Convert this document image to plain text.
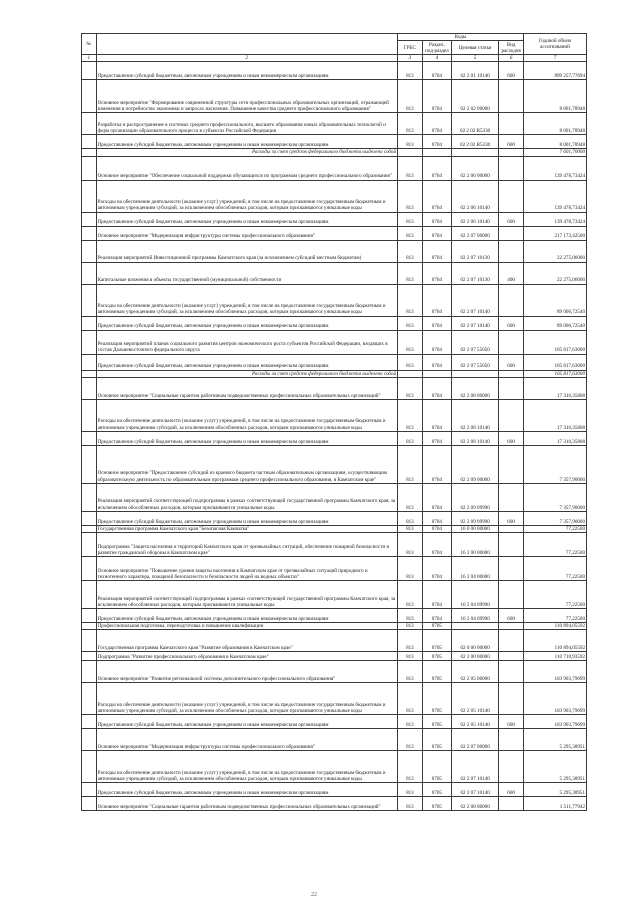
№		Коды				Годовой объем ассигнований
		ГРБС	Раздел, под-раздел	Целевая статья	Вид расходов	
1	2	3	4	5	6	7
	Предоставление субсидий бюджетным, автономным учреждениям и иным некоммерческим организациям	813	0704	02 2 01 10140	600	899 257,77694
	Основное мероприятие "Формирование современной структуры сети профессиональных образовательных организаций, отражающей изменения в потребностях экономики и запросах населения. Повышение качества среднего профессионального образования"	813	0704	02 2 02 00000		8 001,78948
	Разработка и распространение в системах среднего профессионального, высшего образования новых образовательных технологий и форм организации образовательного процесса в субъектах Российской Федерации	813	0704	02 2 02 R5330		8 001,78948
	Предоставление субсидий бюджетным, автономным учреждениям и иным некоммерческим организациям	813	0704	02 2 02 R5330	600	8 001,78948
	Расходы за счет средств федерального бюджета выделено собой					7 601,70000
	Основное мероприятие "Обеспечение социальной поддержки обучающихся по программам среднего профессионального образования"	813	0704	02 2 06 00000		139 478,73424
	Расходы на обеспечение деятельности (оказание услуг) учреждений, в том числе на предоставление государственным бюджетным и автономным учреждениям субсидий, за исключением обособленных расходов, которым присваиваются уникальные коды	813	0704	02 2 06 10140		139 478,73424
	Предоставление субсидий бюджетным, автономным учреждениям и иным некоммерческим организациям	813	0704	02 2 06 10140	600	139 478,73424
	Основное мероприятие "Модернизация инфраструктуры системы профессионального образования"	813	0704	02 2 07 00000		217 173,42500
	Реализация мероприятий Инвестиционной программы Камчатского края (за исключением субсидий местным бюджетам)	813	0704	02 2 07 10130		22 275,06000
	Капитальные вложения в объекты государственной (муниципальной) собственности	813	0704	02 2 07 10130	400	22 275,06000
	Расходы на обеспечение деятельности (оказание услуг) учреждений, в том числе на предоставление государственным бюджетным и автономным учреждениям субсидий, за исключением обособленных расходов, которым присваиваются уникальные коды	813	0704	02 2 07 10140		89 006,72540
	Предоставление субсидий бюджетным, автономным учреждениям и иным некоммерческим организациям	813	0704	02 2 07 10140	600	89 006,72540
	Реализация мероприятий планов социального развития центров экономического роста субъектов Российской Федерации, входящих в состав Дальневосточного федерального округа	813	0704	02 2 07 55050		105 817,63000
	Предоставление субсидий бюджетным, автономным учреждениям и иным некоммерческим организациям	813	0704	02 2 07 55050	600	105 817,63000
	Расходы за счет средств федерального бюджета выделено собой					105 817,63000
	Основное мероприятие "Социальные гарантии работникам подведомственных профессиональных образовательных организаций"	813	0704	02 2 08 00000		17 310,35808
	Расходы на обеспечение деятельности (оказание услуг) учреждений, в том числе на предоставление государственным бюджетным и автономным учреждениям субсидий, за исключением обособленных расходов, которым присваиваются уникальные коды	813	0704	02 2 08 10140		17 310,35808
	Предоставление субсидий бюджетным, автономным учреждениям и иным некоммерческим организациям	813	0704	02 2 08 10140	600	17 310,35808
	Основное мероприятие "Предоставление субсидий из краевого бюджета частным образовательным организациям, осуществляющим образовательную деятельность по образовательным программам среднего профессионального образования, в Камчатском крае"	813	0704	02 2 09 00000		7 357,90000
	Реализация мероприятий соответствующей подпрограммы в рамках соответствующей государственной программы Камчатского края, за исключением обособленных расходов, которым присваиваются уникальные коды	813	0704	02 2 09 09990		7 357,90000
	Предоставление субсидий бюджетным, автономным учреждениям и иным некоммерческим организациям	813	0704	02 2 09 09990	600	7 357,90000
	Государственная программа Камчатского края "Безопасная Камчатка"	813	0704	16 0 00 00000		77,22500
	Подпрограмма "Защита населения и территорий Камчатского края от чрезвычайных ситуаций, обеспечение пожарной безопасности и развитие гражданской обороны в Камчатском крае"	813	0704	16 2 00 00000		77,22500
	Основное мероприятие "Повышение уровня защиты населения в Камчатском крае от чрезвычайных ситуаций природного и техногенного характера, пожарной безопасности и безопасности людей на водных объектах"	813	0704	16 2 04 00000		77,22500
	Реализация мероприятий соответствующей подпрограммы в рамках соответствующей государственной программы Камчатского края, за исключением обособленных расходов, которым присваиваются уникальные коды	813	0704	16 2 04 09990		77,22500
	Предоставление субсидий бюджетным, автономным учреждениям и иным некоммерческим организациям	813	0704	16 2 04 09990	600	77,22500
	Профессиональная подготовка, переподготовка и повышение квалификации	813	0705			110 894,05592
	Государственная программа Камчатского края "Развитие образования в Камчатском крае"	813	0705	02 0 00 00000		110 894,05592
	Подпрограмма "Развитие профессионального образования в Камчатском крае"	813	0705	02 2 00 00000		110 710,93592
	Основное мероприятие "Развитие региональной системы дополнительного профессионального образования"	813	0705	02 2 05 00000		103 903,79699
	Расходы на обеспечение деятельности (оказание услуг) учреждений, в том числе на предоставление государственным бюджетным и автономным учреждениям субсидий, за исключением обособленных расходов, которым присваиваются уникальные коды	813	0705	02 2 05 10140		103 903,79699
	Предоставление субсидий бюджетным, автономным учреждениям и иным некоммерческим организациям	813	0705	02 2 05 10140	600	103 903,79699
	Основное мероприятие "Модернизация инфраструктуры системы профессионального образования"	813	0705	02 2 07 00000		5 295,38951
	Расходы на обеспечение деятельности (оказание услуг) учреждений, в том числе на предоставление государственным бюджетным и автономным учреждениям субсидий, за исключением обособленных расходов, которым присваиваются уникальные коды	813	0705	02 2 07 10140		5 295,38951
	Предоставление субсидий бюджетным, автономным учреждениям и иным некоммерческим организациям	813	0705	02 2 07 10140	600	5 295,38951
	Основное мероприятие "Социальные гарантии работникам подведомственных профессиональных образовательных организаций"	813	0705	02 2 08 00000		1 511,77942
22
